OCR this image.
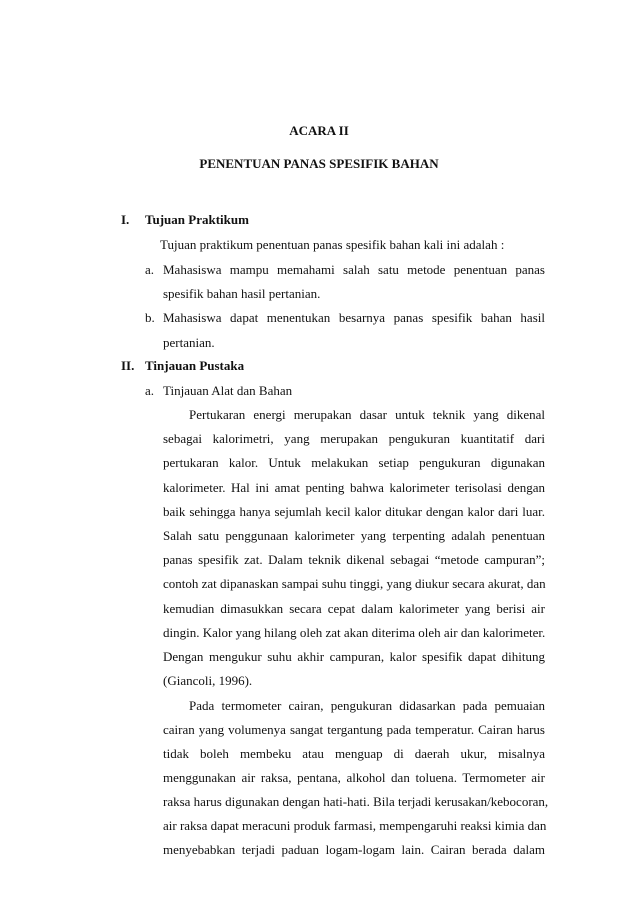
ACARA II
PENENTUAN PANAS SPESIFIK BAHAN
I. Tujuan Praktikum
Tujuan praktikum penentuan panas spesifik bahan kali ini adalah :
a. Mahasiswa mampu memahami salah satu metode penentuan panas
spesifik bahan hasil pertanian.
b. Mahasiswa dapat menentukan besarnya panas spesifik bahan hasil
pertanian.
II. Tinjauan Pustaka
a. Tinjauan Alat dan Bahan
Pertukaran energi merupakan dasar untuk teknik yang dikenal
sebagai kalorimetri, yang merupakan pengukuran kuantitatif dari
pertukaran kalor. Untuk melakukan setiap pengukuran digunakan
kalorimeter. Hal ini amat penting bahwa kalorimeter terisolasi dengan
baik sehingga hanya sejumlah kecil kalor ditukar dengan kalor dari luar.
Salah satu penggunaan kalorimeter yang terpenting adalah penentuan
panas spesifik zat. Dalam teknik dikenal sebagai “metode campuran”;
contoh zat dipanaskan sampai suhu tinggi, yang diukur secara akurat, dan
kemudian dimasukkan secara cepat dalam kalorimeter yang berisi air
dingin. Kalor yang hilang oleh zat akan diterima oleh air dan kalorimeter.
Dengan mengukur suhu akhir campuran, kalor spesifik dapat dihitung
(Giancoli, 1996).
Pada termometer cairan, pengukuran didasarkan pada pemuaian
cairan yang volumenya sangat tergantung pada temperatur. Cairan harus
tidak boleh membeku atau menguap di daerah ukur, misalnya
menggunakan air raksa, pentana, alkohol dan toluena. Termometer air
raksa harus digunakan dengan hati-hati. Bila terjadi kerusakan/kebocoran,
air raksa dapat meracuni produk farmasi, mempengaruhi reaksi kimia dan
menyebabkan terjadi paduan logam-logam lain. Cairan berada dalam
